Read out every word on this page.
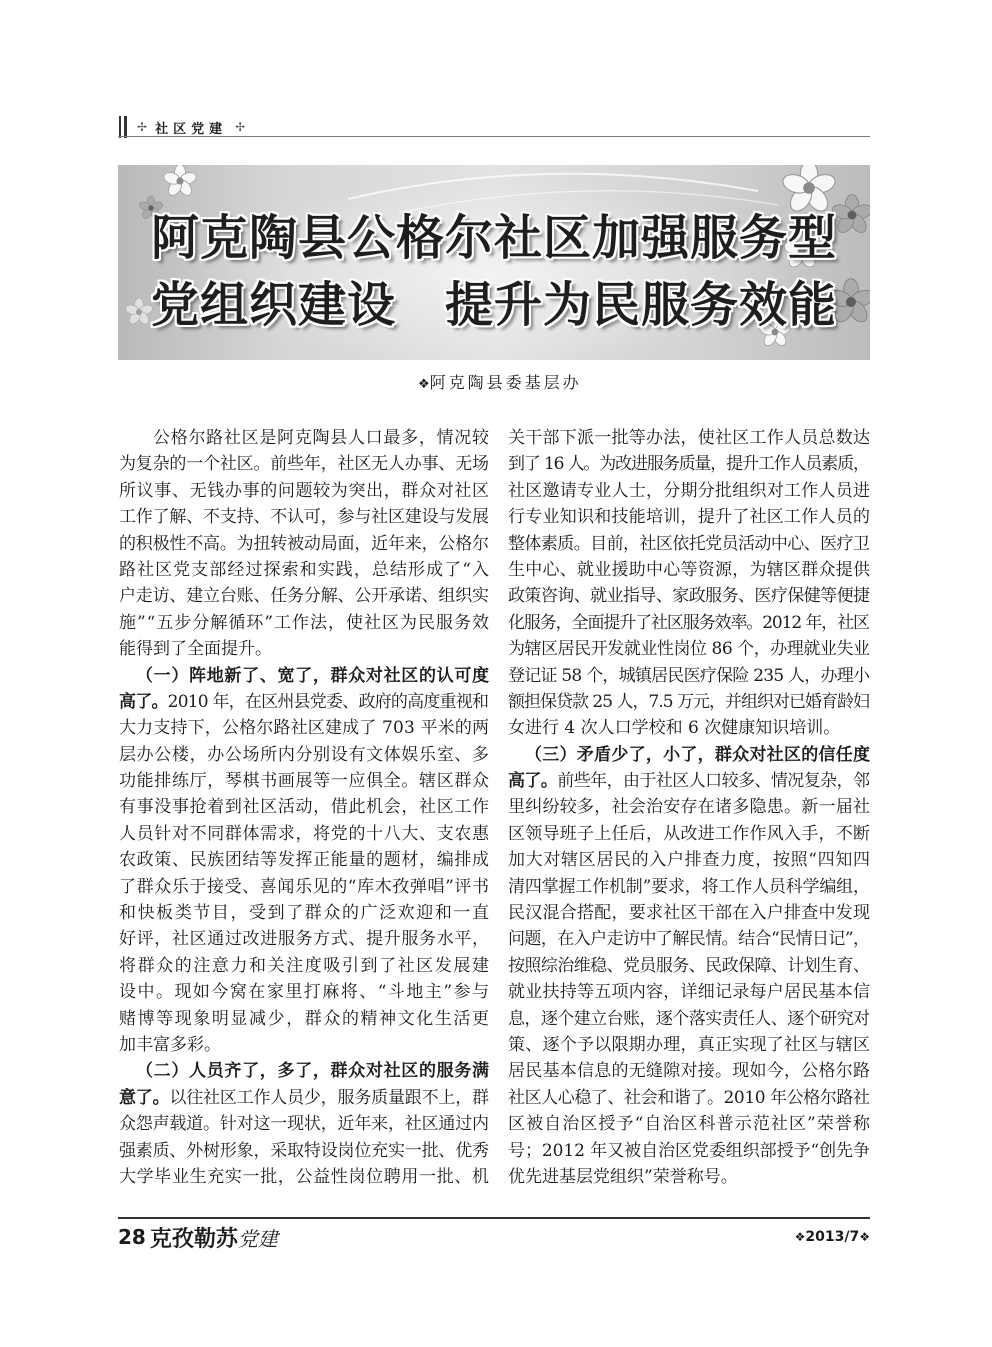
✢
社区党建
✢
阿克陶县公格尔社区加强服务型
党组织建设　提升为民服务效能
❖ 阿克陶县委基层办
公格尔路社区是阿克陶县人口最多，情况较
为复杂的一个社区。前些年，社区无人办事、无场
所议事、无钱办事的问题较为突出，群众对社区
工作了解、不支持、不认可，参与社区建设与发展
的积极性不高。为扭转被动局面，近年来，公格尔
路社区党支部经过探索和实践，总结形成了“入
户走访、建立台账、任务分解、公开承诺、组织实
施”“五步分解循环”工作法，使社区为民服务效
能得到了全面提升。
（一）阵地新了、宽了，群众对社区的认可度
高了。2010 年，在区州县党委、政府的高度重视和
大力支持下，公格尔路社区建成了 703 平米的两
层办公楼，办公场所内分别设有文体娱乐室、多
功能排练厅，琴棋书画展等一应俱全。辖区群众
有事没事抢着到社区活动，借此机会，社区工作
人员针对不同群体需求，将党的十八大、支农惠
农政策、民族团结等发挥正能量的题材，编排成
了群众乐于接受、喜闻乐见的“库木孜弹唱”评书
和快板类节目，受到了群众的广泛欢迎和一直
好评，社区通过改进服务方式、提升服务水平，
将群众的注意力和关注度吸引到了社区发展建
设中。现如今窝在家里打麻将、“斗地主”参与
赌博等现象明显减少，群众的精神文化生活更
加丰富多彩。
（二）人员齐了，多了，群众对社区的服务满
意了。以往社区工作人员少，服务质量跟不上，群
众怨声载道。针对这一现状，近年来，社区通过内
强素质、外树形象，采取特设岗位充实一批、优秀
大学毕业生充实一批，公益性岗位聘用一批、机
关干部下派一批等办法，使社区工作人员总数达
到了 16 人。为改进服务质量，提升工作人员素质，
社区邀请专业人士，分期分批组织对工作人员进
行专业知识和技能培训，提升了社区工作人员的
整体素质。目前，社区依托党员活动中心、医疗卫
生中心、就业援助中心等资源，为辖区群众提供
政策咨询、就业指导、家政服务、医疗保健等便捷
化服务，全面提升了社区服务效率。2012 年，社区
为辖区居民开发就业性岗位 86 个，办理就业失业
登记证 58 个，城镇居民医疗保险 235 人，办理小
额担保贷款 25 人，7.5 万元，并组织对已婚育龄妇
女进行 4 次人口学校和 6 次健康知识培训。
（三）矛盾少了，小了，群众对社区的信任度
高了。前些年，由于社区人口较多、情况复杂，邻
里纠纷较多，社会治安存在诸多隐患。新一届社
区领导班子上任后，从改进工作作风入手，不断
加大对辖区居民的入户排查力度，按照“四知四
清四掌握工作机制”要求，将工作人员科学编组，
民汉混合搭配，要求社区干部在入户排查中发现
问题，在入户走访中了解民情。结合“民情日记”，
按照综治维稳、党员服务、民政保障、计划生育、
就业扶持等五项内容，详细记录每户居民基本信
息，逐个建立台账，逐个落实责任人、逐个研究对
策、逐个予以限期办理，真正实现了社区与辖区
居民基本信息的无缝隙对接。现如今，公格尔路
社区人心稳了、社会和谐了。2010 年公格尔路社
区被自治区授予“自治区科普示范社区”荣誉称
号；2012 年又被自治区党委组织部授予“创先争
优先进基层党组织”荣誉称号。
28 克孜勒苏 党建
❖	2013/7❖
